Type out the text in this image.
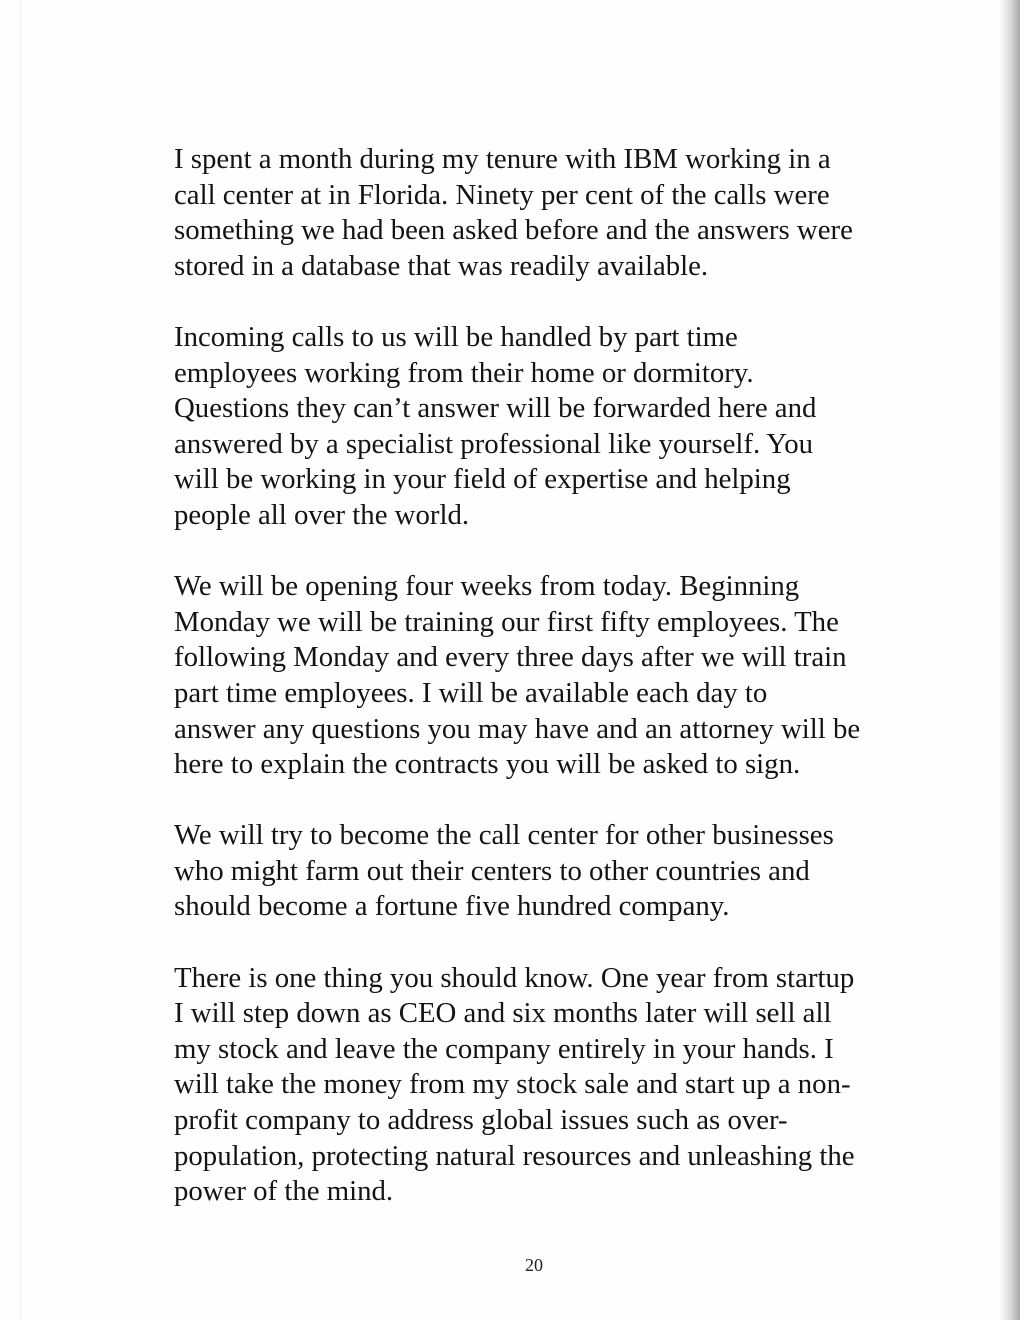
I spent a month during my tenure with IBM working in a
call center at in Florida. Ninety per cent of the calls were
something we had been asked before and the answers were
stored in a database that was readily available.

Incoming calls to us will be handled by part time
employees working from their home or dormitory.
Questions they can’t answer will be forwarded here and
answered by a specialist professional like yourself. You
will be working in your field of expertise and helping
people all over the world.

We will be opening four weeks from today. Beginning
Monday we will be training our first fifty employees. The
following Monday and every three days after we will train
part time employees. I will be available each day to
answer any questions you may have and an attorney will be
here to explain the contracts you will be asked to sign.

We will try to become the call center for other businesses
who might farm out their centers to other countries and
should become a fortune five hundred company.

There is one thing you should know. One year from startup
I will step down as CEO and six months later will sell all
my stock and leave the company entirely in your hands. I
will take the money from my stock sale and start up a non-
profit company to address global issues such as over-
population, protecting natural resources and unleashing the
power of the mind.

20
